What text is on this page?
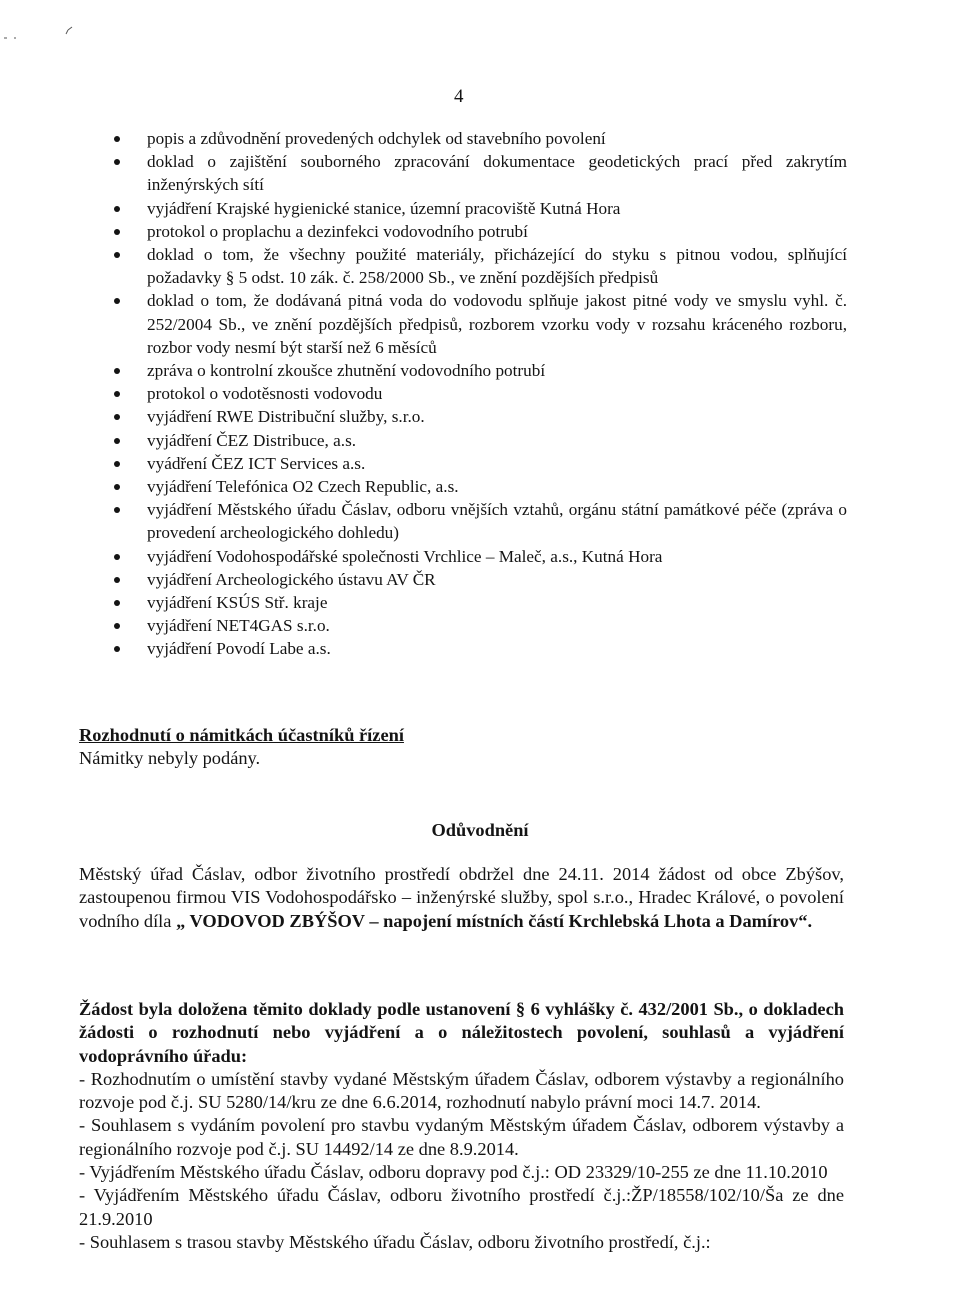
4
popis a zdůvodnění provedených odchylek od stavebního povolení
doklad o zajištění souborného zpracování dokumentace geodetických prací před zakrytím inženýrských sítí
vyjádření Krajské hygienické stanice, územní pracoviště Kutná Hora
protokol o proplachu a dezinfekci vodovodního potrubí
doklad o tom, že všechny použité materiály, přicházející do styku s pitnou vodou, splňující požadavky § 5 odst. 10 zák. č. 258/2000 Sb., ve znění pozdějších předpisů
doklad o tom, že dodávaná pitná voda do vodovodu splňuje jakost pitné vody ve smyslu vyhl. č. 252/2004 Sb., ve znění pozdějších předpisů, rozborem vzorku vody v rozsahu kráceného rozboru, rozbor vody nesmí být starší než 6 měsíců
zpráva o kontrolní zkoušce zhutnění vodovodního potrubí
protokol o vodotěsnosti vodovodu
vyjádření RWE Distribuční služby, s.r.o.
vyjádření ČEZ Distribuce, a.s.
vyádření ČEZ ICT Services a.s.
vyjádření Telefónica O2 Czech Republic, a.s.
vyjádření Městského úřadu Čáslav, odboru vnějších vztahů, orgánu státní památkové péče (zpráva o provedení archeologického dohledu)
vyjádření Vodohospodářské společnosti Vrchlice – Maleč, a.s., Kutná Hora
vyjádření Archeologického ústavu AV ČR
vyjádření KSÚS Stř. kraje
vyjádření NET4GAS s.r.o.
vyjádření Povodí Labe a.s.
Rozhodnutí o námitkách účastníků řízení
Námitky nebyly podány.
Odůvodnění

Městský úřad Čáslav, odbor životního prostředí obdržel dne 24.11. 2014 žádost od obce Zbýšov, zastoupenou firmou VIS Vodohospodářsko – inženýrské služby, spol s.r.o., Hradec Králové, o povolení vodního díla „ VODOVOD ZBÝŠOV – napojení místních částí Krchlebská Lhota a Damírov“.

Žádost byla doložena těmito doklady podle ustanovení § 6 vyhlášky č. 432/2001 Sb., o dokladech žádosti o rozhodnutí nebo vyjádření a o náležitostech povolení, souhlasů a vyjádření vodoprávního úřadu:

- Rozhodnutím o umístění stavby vydané Městským úřadem Čáslav, odborem výstavby a regionálního rozvoje pod č.j. SU 5280/14/kru ze dne 6.6.2014, rozhodnutí nabylo právní moci 14.7. 2014.

- Souhlasem s vydáním povolení pro stavbu vydaným Městským úřadem Čáslav, odborem výstavby a regionálního rozvoje pod č.j. SU 14492/14 ze dne 8.9.2014.

- Vyjádřením Městského úřadu Čáslav, odboru dopravy pod č.j.: OD 23329/10-255 ze dne 11.10.2010

- Vyjádřením Městského úřadu Čáslav, odboru životního prostředí č.j.:ŽP/18558/102/10/Ša ze dne 21.9.2010

- Souhlasem s trasou stavby Městského úřadu Čáslav, odboru životního prostředí, č.j.:
